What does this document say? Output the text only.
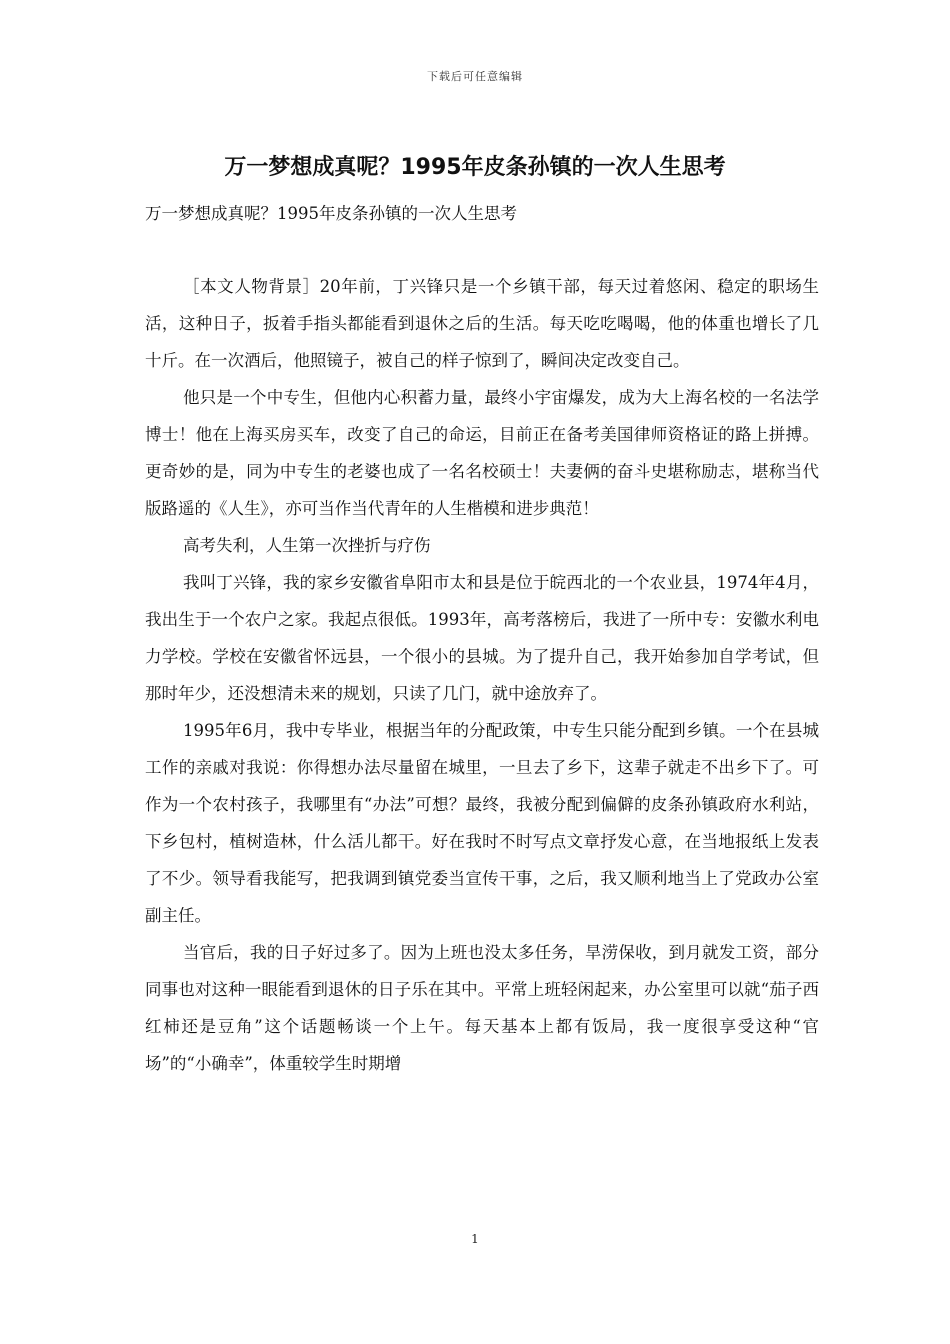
下载后可任意编辑
万一梦想成真呢？1995年皮条孙镇的一次人生思考
万一梦想成真呢？1995年皮条孙镇的一次人生思考

［本文人物背景］20年前，丁兴锋只是一个乡镇干部，每天过着悠闲、稳定的职场生活，这种日子，扳着手指头都能看到退休之后的生活。每天吃吃喝喝，他的体重也增长了几十斤。在一次酒后，他照镜子，被自己的样子惊到了，瞬间决定改变自己。

他只是一个中专生，但他内心积蓄力量，最终小宇宙爆发，成为大上海名校的一名法学博士！他在上海买房买车，改变了自己的命运，目前正在备考美国律师资格证的路上拼搏。更奇妙的是，同为中专生的老婆也成了一名名校硕士！夫妻俩的奋斗史堪称励志，堪称当代版路遥的《人生》，亦可当作当代青年的人生楷模和进步典范！

高考失利，人生第一次挫折与疗伤

我叫丁兴锋，我的家乡安徽省阜阳市太和县是位于皖西北的一个农业县，1974年4月，我出生于一个农户之家。我起点很低。1993年，高考落榜后，我进了一所中专：安徽水利电力学校。学校在安徽省怀远县，一个很小的县城。为了提升自己，我开始参加自学考试，但那时年少，还没想清未来的规划，只读了几门，就中途放弃了。

1995年6月，我中专毕业，根据当年的分配政策，中专生只能分配到乡镇。一个在县城工作的亲戚对我说：你得想办法尽量留在城里，一旦去了乡下，这辈子就走不出乡下了。可作为一个农村孩子，我哪里有“办法”可想？最终，我被分配到偏僻的皮条孙镇政府水利站，下乡包村，植树造林，什么活儿都干。好在我时不时写点文章抒发心意，在当地报纸上发表了不少。领导看我能写，把我调到镇党委当宣传干事，之后，我又顺利地当上了党政办公室副主任。

当官后，我的日子好过多了。因为上班也没太多任务，旱涝保收，到月就发工资，部分同事也对这种一眼能看到退休的日子乐在其中。平常上班轻闲起来，办公室里可以就“茄子西红柿还是豆角”这个话题畅谈一个上午。每天基本上都有饭局，我一度很享受这种“官场”的“小确幸”，体重较学生时期增

1
